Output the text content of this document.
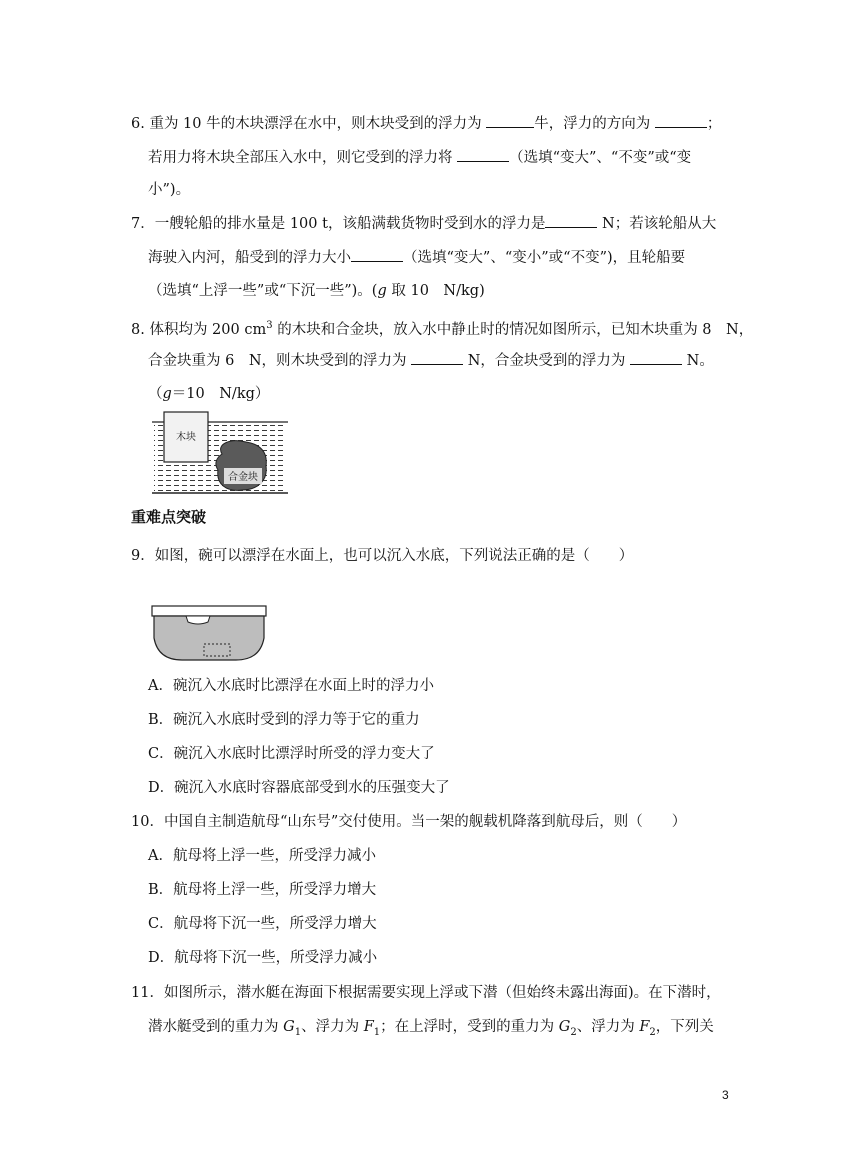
6. 重为 10 牛的木块漂浮在水中，则木块受到的浮力为	牛，浮力的方向为	；
若用力将木块全部压入水中，则它受到的浮力将	（选填“变大”、“不变”或“变
小”)。
7．一艘轮船的排水量是 100 t，该船满载货物时受到水的浮力是	N；若该轮船从大
海驶入内河，船受到的浮力大小	（选填“变大”、“变小”或“不变”)，且轮船要
（选填“上浮一些”或“下沉一些”)。(g 取 10　N/kg)
8. 体积均为 200 $cm^3$ 的木块和合金块，放入水中静止时的情况如图所示，已知木块重为 8　N，
合金块重为 6　N，则木块受到的浮力为	N，合金块受到的浮力为	N。
（g＝10　N/kg）
木块
合金块
重难点突破
9．如图，碗可以漂浮在水面上，也可以沉入水底，下列说法正确的是（　　）
A．碗沉入水底时比漂浮在水面上时的浮力小
B．碗沉入水底时受到的浮力等于它的重力
C．碗沉入水底时比漂浮时所受的浮力变大了
D．碗沉入水底时容器底部受到水的压强变大了
10．中国自主制造航母“山东号”交付使用。当一架的舰载机降落到航母后，则（　　）
A．航母将上浮一些，所受浮力减小
B．航母将上浮一些，所受浮力增大
C．航母将下沉一些，所受浮力增大
D．航母将下沉一些，所受浮力减小
11．如图所示，潜水艇在海面下根据需要实现上浮或下潜（但始终未露出海面)。在下潜时，
潜水艇受到的重力为 $G_1$、浮力为 $F_1$；在上浮时，受到的重力为 $G_2$、浮力为 $F_2$，下列关
3
